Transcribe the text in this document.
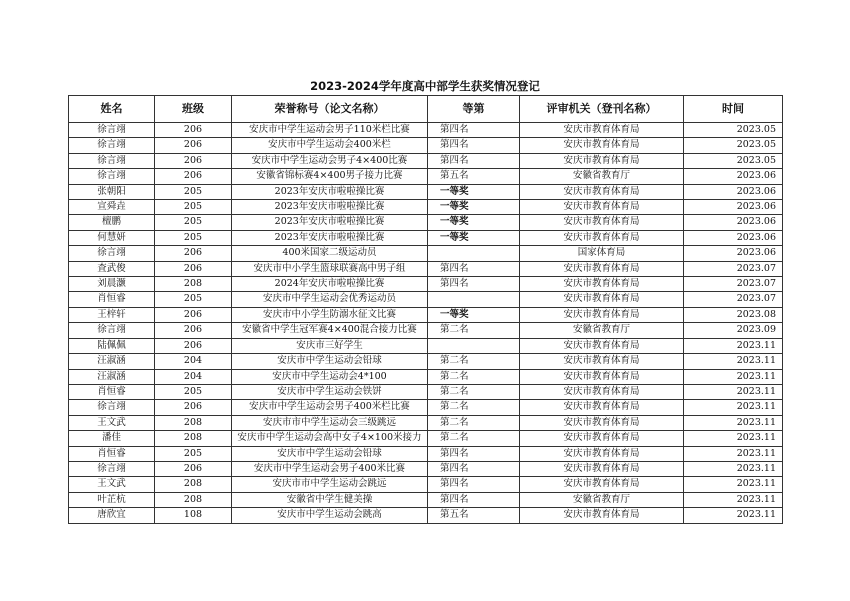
2023-2024学年度高中部学生获奖情况登记
姓名	班级	荣誉称号（论文名称）	等第	评审机关（登刊名称）	时间
徐言翊	206	安庆市中学生运动会男子110米栏比赛	第四名	安庆市教育体育局	2023.05
徐言翊	206	安庆市中学生运动会400米栏	第四名	安庆市教育体育局	2023.05
徐言翊	206	安庆市中学生运动会男子4×400比赛	第四名	安庆市教育体育局	2023.05
徐言翊	206	安徽省锦标赛4×400男子接力比赛	第五名	安徽省教育厅	2023.06
张朝阳	205	2023年安庆市啦啦操比赛	一等奖	安庆市教育体育局	2023.06
宣舜垚	205	2023年安庆市啦啦操比赛	一等奖	安庆市教育体育局	2023.06
檀鹏	205	2023年安庆市啦啦操比赛	一等奖	安庆市教育体育局	2023.06
何慧妍	205	2023年安庆市啦啦操比赛	一等奖	安庆市教育体育局	2023.06
徐言翊	206	400米国家二级运动员		国家体育局	2023.06
査武俊	206	安庆市中小学生篮球联赛高中男子组	第四名	安庆市教育体育局	2023.07
刘晨灏	208	2024年安庆市啦啦操比赛	第四名	安庆市教育体育局	2023.07
肖恒睿	205	安庆市中学生运动会优秀运动员		安庆市教育体育局	2023.07
王梓轩	206	安庆市中小学生防溺水征文比赛	一等奖	安庆市教育体育局	2023.08
徐言翊	206	安徽省中学生冠军赛4×400混合接力比赛	第二名	安徽省教育厅	2023.09
陆佩佩	206	安庆市三好学生		安庆市教育体育局	2023.11
汪淑涵	204	安庆市中学生运动会铅球	第二名	安庆市教育体育局	2023.11
汪淑涵	204	安庆市中学生运动会4*100	第二名	安庆市教育体育局	2023.11
肖恒睿	205	安庆市中学生运动会铁饼	第二名	安庆市教育体育局	2023.11
徐言翊	206	安庆市中学生运动会男子400米栏比赛	第二名	安庆市教育体育局	2023.11
王文武	208	安庆市市中学生运动会三级跳远	第二名	安庆市教育体育局	2023.11
潘佳	208	安庆市中学生运动会高中女子4×100米接力	第二名	安庆市教育体育局	2023.11
肖恒睿	205	安庆市中学生运动会铅球	第四名	安庆市教育体育局	2023.11
徐言翊	206	安庆市中学生运动会男子400米比赛	第四名	安庆市教育体育局	2023.11
王文武	208	安庆市市中学生运动会跳远	第四名	安庆市教育体育局	2023.11
叶芷杭	208	安徽省中学生健美操	第四名	安徽省教育厅	2023.11
唐欣宜	108	安庆市中学生运动会跳高	第五名	安庆市教育体育局	2023.11
